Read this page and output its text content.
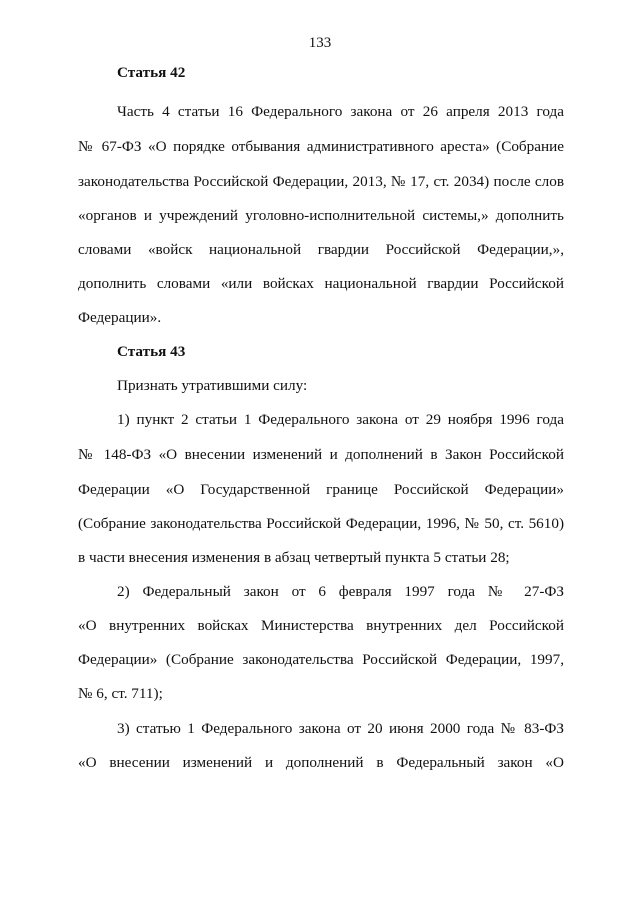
133
Статья 42
Часть 4 статьи 16 Федерального закона от 26 апреля 2013 года
№ 67-ФЗ «О порядке отбывания административного ареста» (Собрание
законодательства Российской Федерации, 2013, № 17, ст. 2034) после слов
«органов и учреждений уголовно-исполнительной системы,» дополнить
словами «войск национальной гвардии Российской Федерации,»,
дополнить словами «или войсках национальной гвардии Российской
Федерации».
Статья 43
Признать утратившими силу:
1) пункт 2 статьи 1 Федерального закона от 29 ноября 1996 года
№ 148-ФЗ «О внесении изменений и дополнений в Закон Российской
Федерации «О Государственной границе Российской Федерации»
(Собрание законодательства Российской Федерации, 1996, № 50, ст. 5610)
в части внесения изменения в абзац четвертый пункта 5 статьи 28;
2) Федеральный закон от 6 февраля 1997 года № 27-ФЗ
«О внутренних войсках Министерства внутренних дел Российской
Федерации» (Собрание законодательства Российской Федерации, 1997,
№ 6, ст. 711);
3) статью 1 Федерального закона от 20 июня 2000 года № 83-ФЗ
«О внесении изменений и дополнений в Федеральный закон «О
